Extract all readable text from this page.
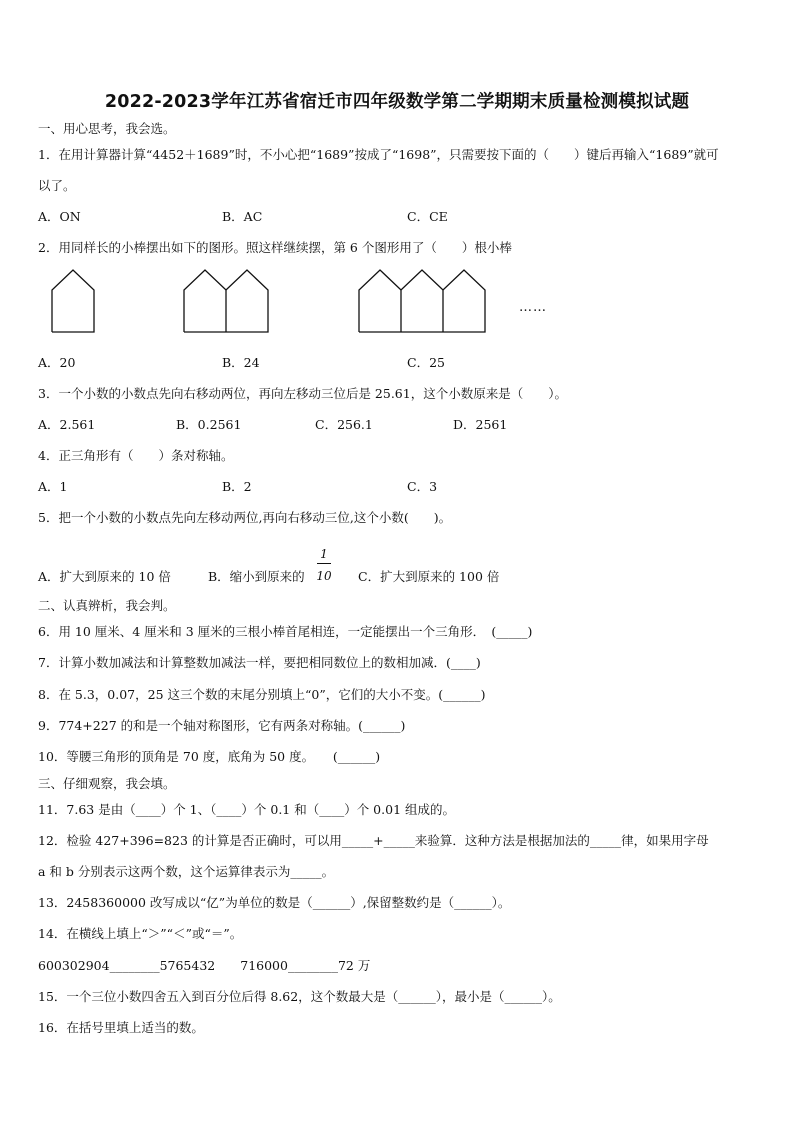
2022-2023学年江苏省宿迁市四年级数学第二学期期末质量检测模拟试题
一、用心思考，我会选。
1．在用计算器计算“4452＋1689”时，不小心把“1689”按成了“1698”，只需要按下面的（　　）键后再输入“1689”就可
以了。
A．ON	B．AC	C．CE
2．用同样长的小棒摆出如下的图形。照这样继续摆，第 6 个图形用了（　　）根小棒
……
A．20	B．24	C．25
3．一个小数的小数点先向右移动两位，再向左移动三位后是 25.61，这个小数原来是（　　）。
A．2.561	B．0.2561	C．256.1	D．2561
4．正三角形有（　　）条对称轴。
A．1	B．2	C．3
5．把一个小数的小数点先向左移动两位,再向右移动三位,这个小数(　　)。
A．扩大到原来的 10 倍	B．缩小到原来的
1
10 C．扩大到原来的 100 倍
二、认真辨析，我会判。
6．用 10 厘米、4 厘米和 3 厘米的三根小棒首尾相连，一定能摆出一个三角形．　(_____)
7．计算小数加减法和计算整数加减法一样，要把相同数位上的数相加减．(____)
8．在 5.3，0.07，25 这三个数的末尾分别填上“0”，它们的大小不变。(______)
9．774+227 的和是一个轴对称图形，它有两条对称轴。(______)
10．等腰三角形的顶角是 70 度，底角为 50 度。　　(______)
三、仔细观察，我会填。
11．7.63 是由（____）个 1、（____）个 0.1 和（____）个 0.01 组成的。
12．检验 427+396=823 的计算是否正确时，可以用_____+_____来验算．这种方法是根据加法的_____律，如果用字母
a 和 b 分别表示这两个数，这个运算律表示为_____。
13．2458360000 改写成以“亿”为单位的数是（______）,保留整数约是（______）。
14．在横线上填上“＞”“＜”或“＝”。
600302904________5765432　　716000________72 万
15．一个三位小数四舍五入到百分位后得 8.62，这个数最大是（______），最小是（______）。
16．在括号里填上适当的数。
